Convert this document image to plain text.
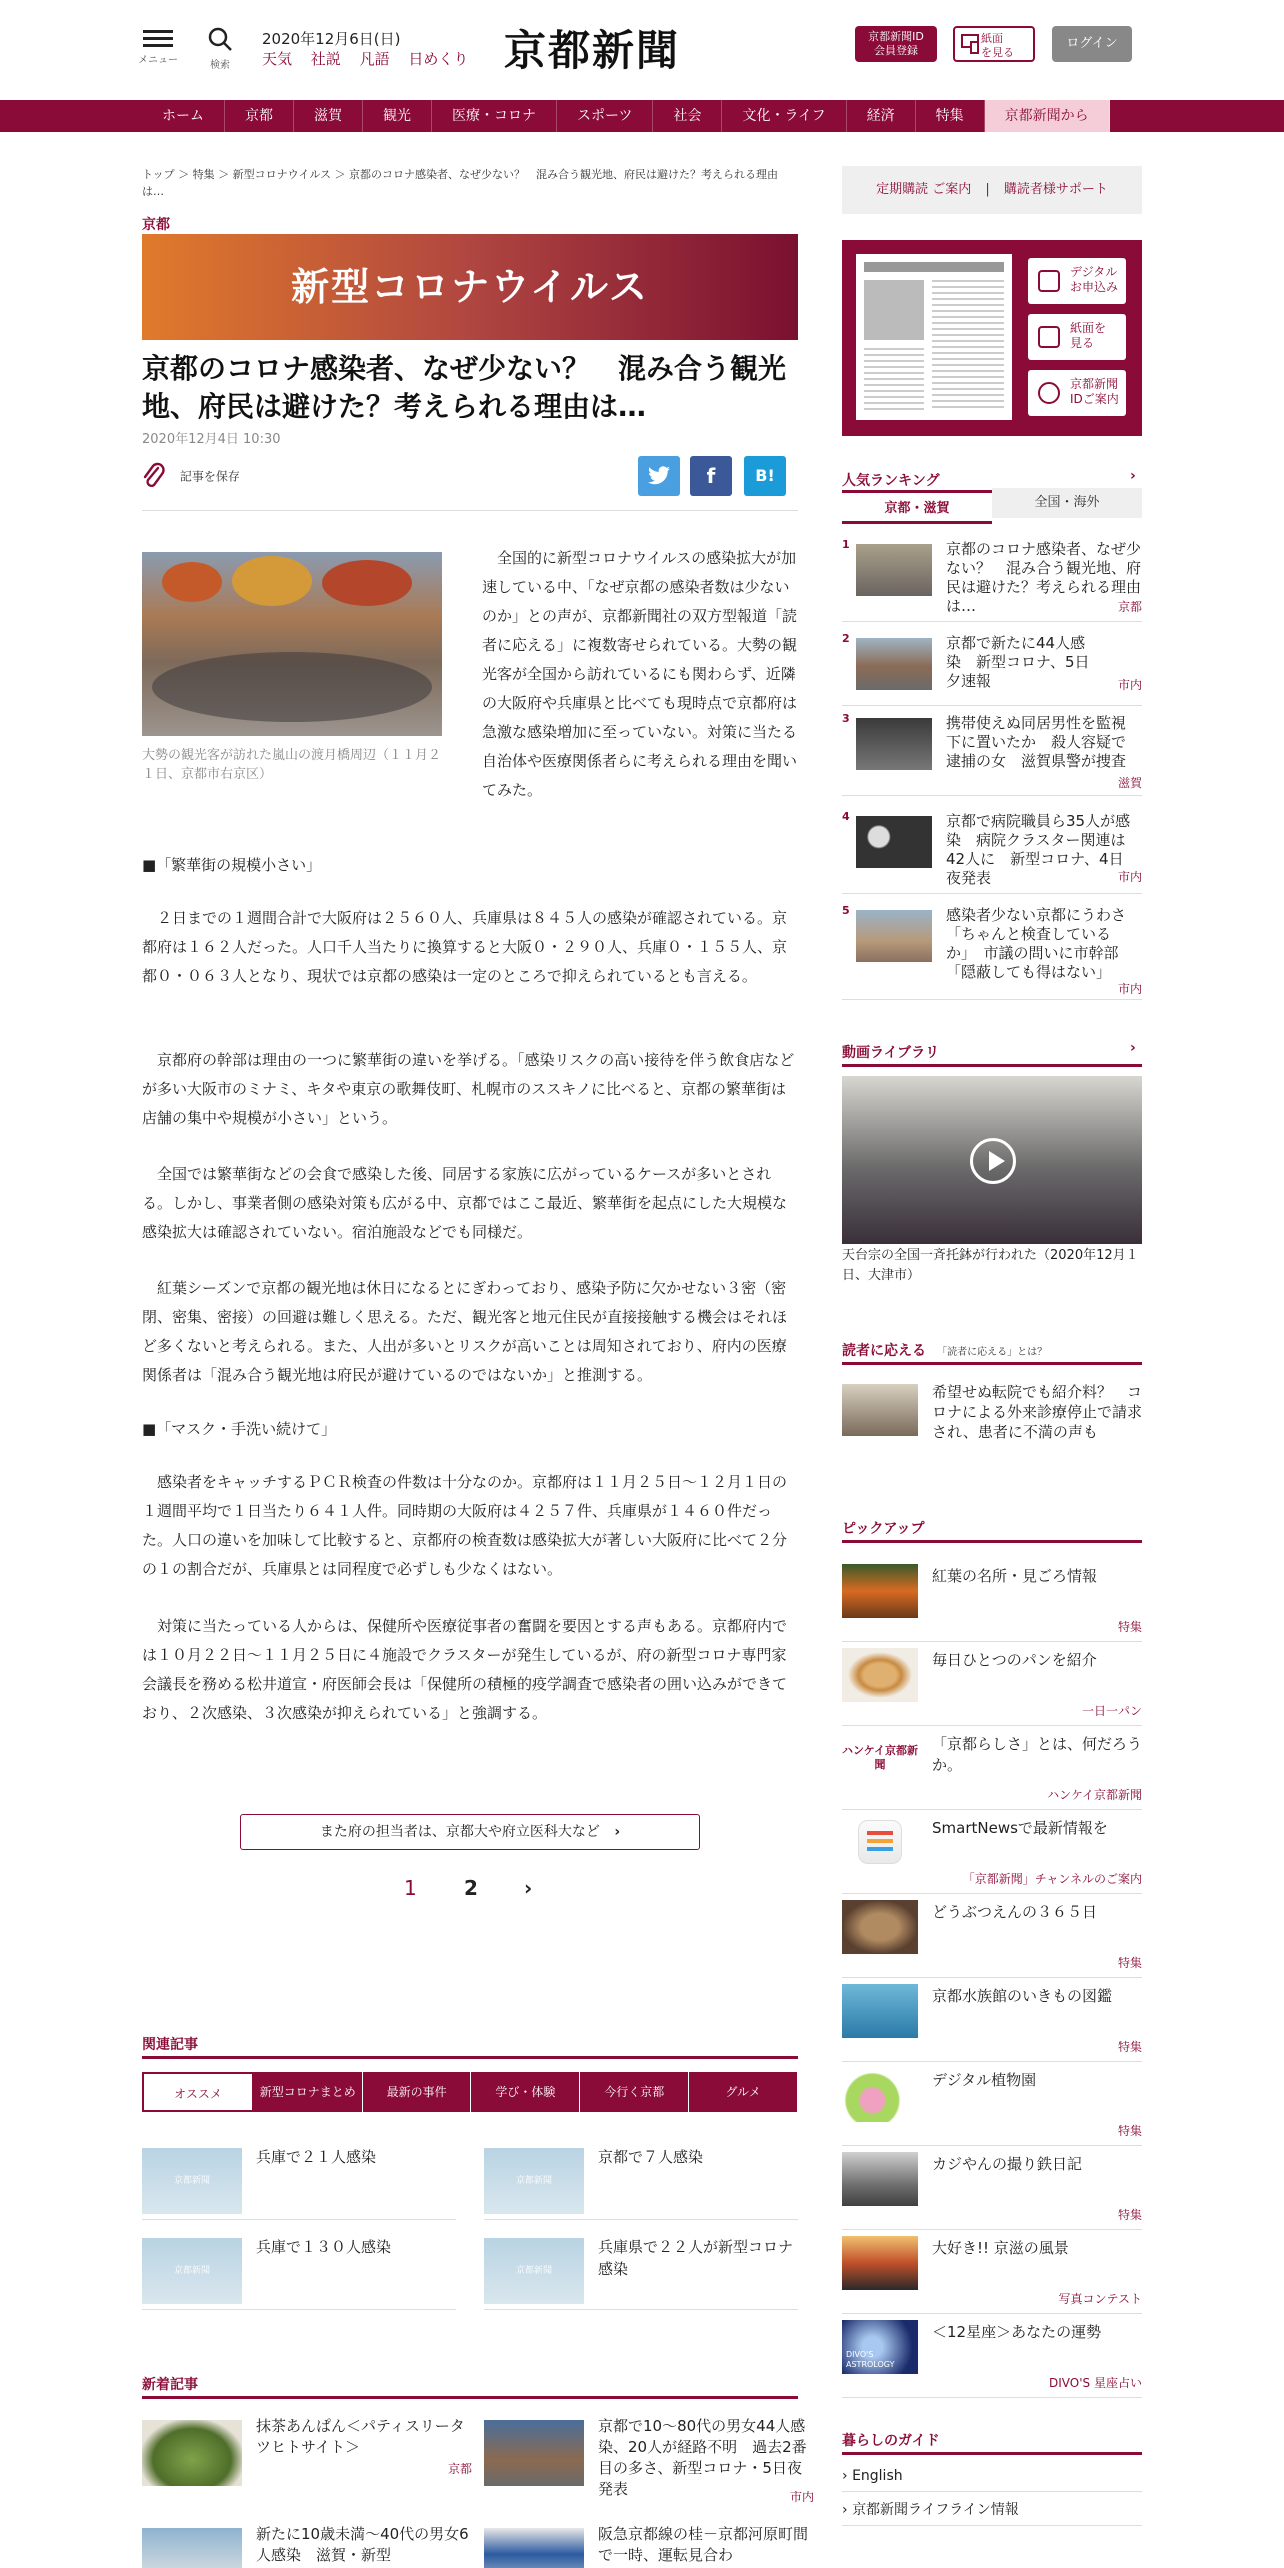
メニュー	検索
2020年12月6日(日)
天気 社説 凡語 日めくり 京都新聞	京都新聞ID
会員登録
紙面
を見る
ログイン
ホーム	京都	滋賀	観光	医療・コロナ	スポーツ	社会	文化・ライフ	経済	特集	京都新聞から
トップ ＞ 特集 ＞ 新型コロナウイルス ＞ 京都のコロナ感染者、なぜ少ない？　混み合う観光地、府民は避けた？考えられる理由は…
京都
新型コロナウイルス
京都のコロナ感染者、なぜ少ない？　混み合う観光地、府民は避けた？考えられる理由は…
2020年12月4日 10:30
記事を保存	f	B!
大勢の観光客が訪れた嵐山の渡月橋周辺（１１月２１日、京都市右京区）

全国的に新型コロナウイルスの感染拡大が加速している中、「なぜ京都の感染者数は少ないのか」との声が、京都新聞社の双方型報道「読者に応える」に複数寄せられている。大勢の観光客が全国から訪れているにも関わらず、近隣の大阪府や兵庫県と比べても現時点で京都府は急激な感染増加に至っていない。対策に当たる自治体や医療関係者らに考えられる理由を聞いてみた。

■「繁華街の規模小さい」

２日までの１週間合計で大阪府は２５６０人、兵庫県は８４５人の感染が確認されている。京都府は１６２人だった。人口千人当たりに換算すると大阪０・２９０人、兵庫０・１５５人、京都０・０６３人となり、現状では京都の感染は一定のところで抑えられているとも言える。

京都府の幹部は理由の一つに繁華街の違いを挙げる。「感染リスクの高い接待を伴う飲食店などが多い大阪市のミナミ、キタや東京の歌舞伎町、札幌市のススキノに比べると、京都の繁華街は店舗の集中や規模が小さい」という。

全国では繁華街などの会食で感染した後、同居する家族に広がっているケースが多いとされる。しかし、事業者側の感染対策も広がる中、京都ではここ最近、繁華街を起点にした大規模な感染拡大は確認されていない。宿泊施設などでも同様だ。

紅葉シーズンで京都の観光地は休日になるとにぎわっており、感染予防に欠かせない３密（密閉、密集、密接）の回避は難しく思える。ただ、観光客と地元住民が直接接触する機会はそれほど多くないと考えられる。また、人出が多いとリスクが高いことは周知されており、府内の医療関係者は「混み合う観光地は府民が避けているのではないか」と推測する。

■「マスク・手洗い続けて」

感染者をキャッチするＰＣＲ検査の件数は十分なのか。京都府は１１月２５日～１２月１日の１週間平均で１日当たり６４１人件。同時期の大阪府は４２５７件、兵庫県が１４６０件だった。人口の違いを加味して比較すると、京都府の検査数は感染拡大が著しい大阪府に比べて２分の１の割合だが、兵庫県とは同程度で必ずしも少なくはない。

対策に当たっている人からは、保健所や医療従事者の奮闘を要因とする声もある。京都府内では１０月２２日～１１月２５日に４施設でクラスターが発生しているが、府の新型コロナ専門家会議長を務める松井道宣・府医師会長は「保健所の積極的疫学調査で感染者の囲い込みができており、２次感染、３次感染が抑えられている」と強調する。

また府の担当者は、京都大や府立医科大など ›
1 2 ›
関連記事
オススメ	新型コロナまとめ	最新の事件	学び・体験	今行く京都	グルメ
京都新聞
兵庫で２１人感染
京都新聞
京都で７人感染
京都新聞
兵庫で１３０人感染
京都新聞
兵庫県で２２人が新型コロナ感染
新着記事
抹茶あんぱん＜パティスリータツヒトサイト＞
京都
京都で10～80代の男女44人感染、20人が経路不明　過去2番目の多さ、新型コロナ・5日夜発表	市内
新たに10歳未満～40代の男女6人感染　滋賀・新型
阪急京都線の桂－京都河原町間で一時、運転見合わ
定期購読 ご案内 | 購読者様サポート
デジタル
お申込み
紙面を
見る
京都新聞
IDご案内
人気ランキング	›
京都・滋賀	全国・海外
1	京都のコロナ感染者、なぜ少ない？　混み合う観光地、府民は避けた？考えられる理由は…	京都
2	京都で新たに44人感染　新型コロナ、5日夕速報	市内
3	携帯使えぬ同居男性を監視下に置いたか　殺人容疑で逮捕の女　滋賀県警が捜査
滋賀
4	京都で病院職員ら35人が感染　病院クラスター関連は42人に　新型コロナ、4日夜発表	市内
5	感染者少ない京都にうわさ「ちゃんと検査しているか」　市議の問いに市幹部「隠蔽しても得はない」
市内
動画ライブラリ	›
天台宗の全国一斉托鉢が行われた（2020年12月１日、大津市）
読者に応える 「読者に応える」とは？
希望せぬ転院でも紹介料？　コロナによる外来診療停止で請求され、患者に不満の声も
ピックアップ
紅葉の名所・見ごろ情報
特集
毎日ひとつのパンを紹介
一日一パン
ハンケイ京都新聞
「京都らしさ」とは、何だろうか。
ハンケイ京都新聞
SmartNewsで最新情報を
「京都新聞」チャンネルのご案内
どうぶつえんの３６５日
特集
京都水族館のいきもの図鑑
特集
デジタル植物園
特集
カジやんの撮り鉄日記
特集
大好き!! 京滋の風景
写真コンテスト
DIVO'S ASTROLOGY
＜12星座＞あなたの運勢
DIVO'S 星座占い
暮らしのガイド
› English
› 京都新聞ライフライン情報
